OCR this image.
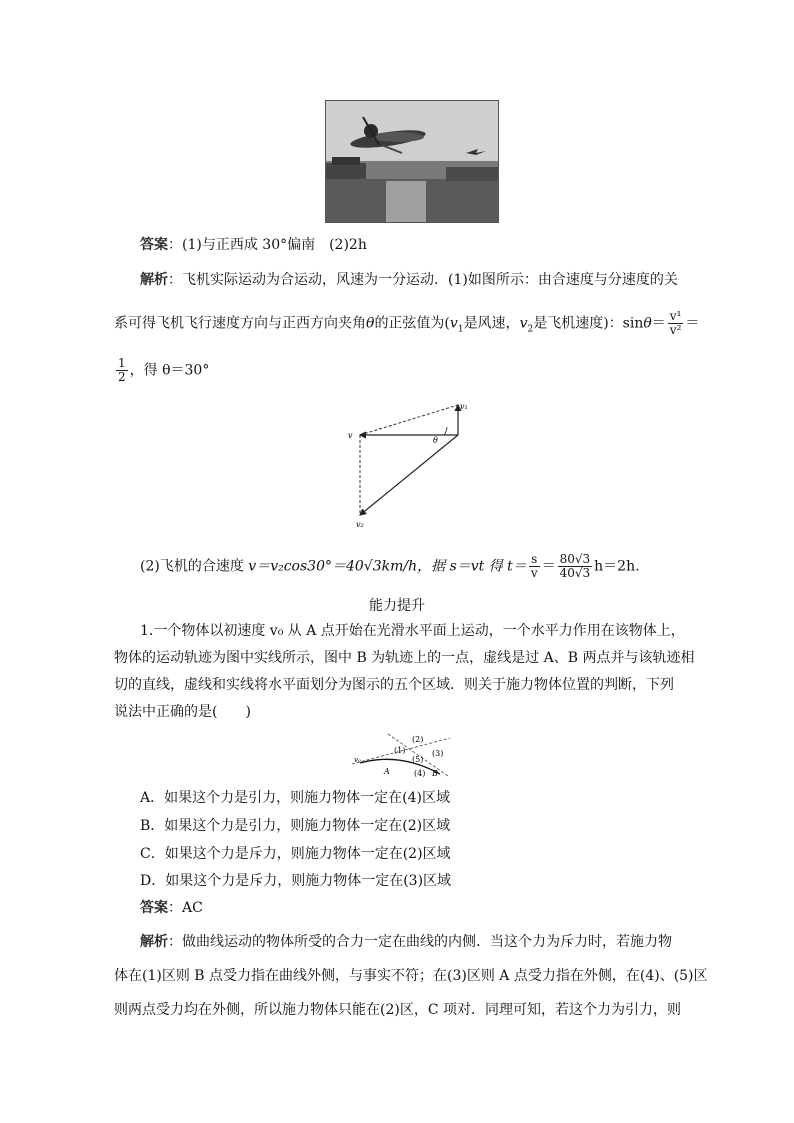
答案：(1)与正西成 30°偏南　(2)2h
解析：飞机实际运动为合运动，风速为一分运动．(1)如图所示：由合速度与分速度的关
系可得飞机飞行速度方向与正西方向夹角θ的正弦值为($v_1$是风速，$v_2$是飞机速度)：$\sin\theta= \frac{\text{v¹}}{\text{v²}}$ ＝
$\frac{1}{2}$ ，得 θ＝30°
v₁
v
v₂
θ
(2)飞机的合速度 v＝v₂cos30°＝40√3km/h，据 s＝vt 得 $t= \frac{s}{v} = \frac{80√3}{40√3} h=2h$.
能力提升
1.一个物体以初速度 v₀ 从 A 点开始在光滑水平面上运动，一个水平力作用在该物体上，
物体的运动轨迹为图中实线所示，图中 B 为轨迹上的一点，虚线是过 A、B 两点并与该轨迹相
切的直线，虚线和实线将水平面划分为图示的五个区域．则关于施力物体位置的判断，下列
说法中正确的是(　　)
(1)
(2)
(3)
(4)
(5)
v₀
A	B
A．如果这个力是引力，则施力物体一定在(4)区域
B．如果这个力是引力，则施力物体一定在(2)区域
C．如果这个力是斥力，则施力物体一定在(2)区域
D．如果这个力是斥力，则施力物体一定在(3)区域
答案：AC
解析：做曲线运动的物体所受的合力一定在曲线的内侧．当这个力为斥力时，若施力物
体在(1)区则 B 点受力指在曲线外侧，与事实不符；在(3)区则 A 点受力指在外侧，在(4)、(5)区
则两点受力均在外侧，所以施力物体只能在(2)区，C 项对．同理可知，若这个力为引力，则
